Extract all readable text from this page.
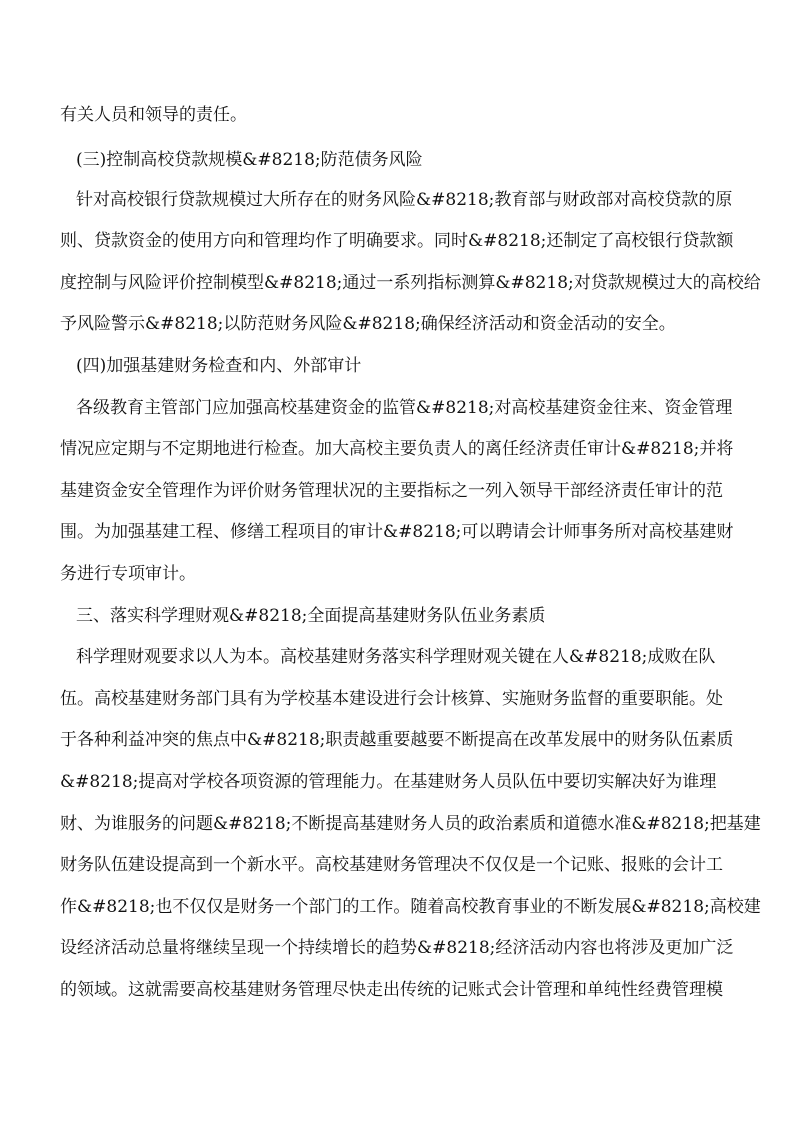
有关人员和领导的责任。
(三)控制高校贷款规模&#8218;防范债务风险
针对高校银行贷款规模过大所存在的财务风险&#8218;教育部与财政部对高校贷款的原
则、贷款资金的使用方向和管理均作了明确要求。同时&#8218;还制定了高校银行贷款额
度控制与风险评价控制模型&#8218;通过一系列指标测算&#8218;对贷款规模过大的高校给
予风险警示&#8218;以防范财务风险&#8218;确保经济活动和资金活动的安全。
(四)加强基建财务检查和内、外部审计
各级教育主管部门应加强高校基建资金的监管&#8218;对高校基建资金往来、资金管理
情况应定期与不定期地进行检查。加大高校主要负责人的离任经济责任审计&#8218;并将
基建资金安全管理作为评价财务管理状况的主要指标之一列入领导干部经济责任审计的范
围。为加强基建工程、修缮工程项目的审计&#8218;可以聘请会计师事务所对高校基建财
务进行专项审计。
三、落实科学理财观&#8218;全面提高基建财务队伍业务素质
科学理财观要求以人为本。高校基建财务落实科学理财观关键在人&#8218;成败在队
伍。高校基建财务部门具有为学校基本建设进行会计核算、实施财务监督的重要职能。处
于各种利益冲突的焦点中&#8218;职责越重要越要不断提高在改革发展中的财务队伍素质
&#8218;提高对学校各项资源的管理能力。在基建财务人员队伍中要切实解决好为谁理
财、为谁服务的问题&#8218;不断提高基建财务人员的政治素质和道德水准&#8218;把基建
财务队伍建设提高到一个新水平。高校基建财务管理决不仅仅是一个记账、报账的会计工
作&#8218;也不仅仅是财务一个部门的工作。随着高校教育事业的不断发展&#8218;高校建
设经济活动总量将继续呈现一个持续增长的趋势&#8218;经济活动内容也将涉及更加广泛
的领域。这就需要高校基建财务管理尽快走出传统的记账式会计管理和单纯性经费管理模
